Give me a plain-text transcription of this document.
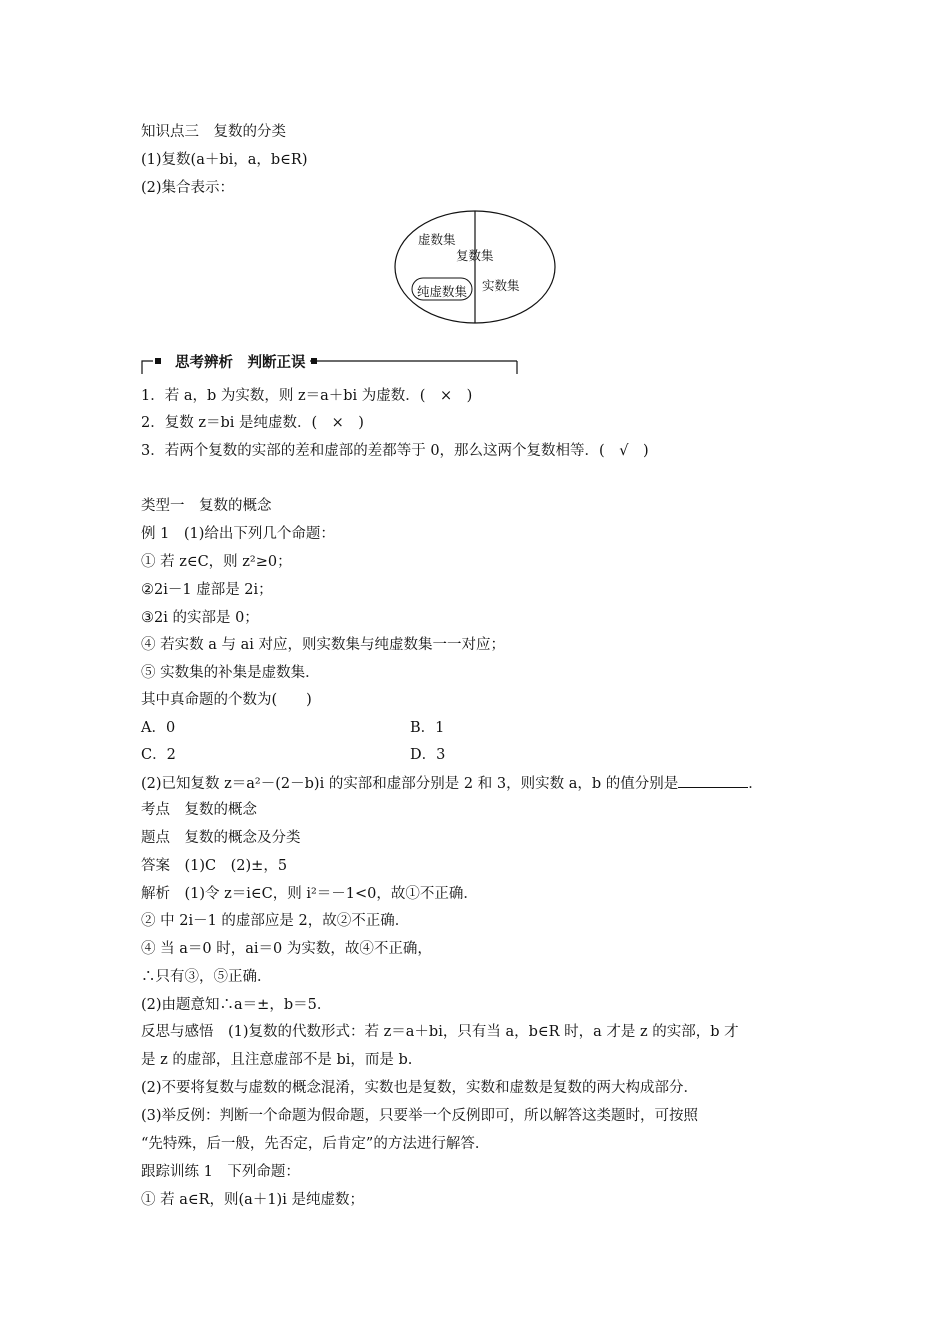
知识点三　复数的分类
(1)复数(a＋bi，a，b∈R)
(2)集合表示：
虚数集
复数集
纯虚数集 实数集
思考辨析　判断正误
1．若 a，b 为实数，则 z＝a＋bi 为虚数．(　×　)
2．复数 z＝bi 是纯虚数．(　×　)
3．若两个复数的实部的差和虚部的差都等于 0，那么这两个复数相等．(　√　)
类型一　复数的概念
例 1　(1)给出下列几个命题：
① 若 z∈C，则 z²≥0；
②2i－1 虚部是 2i；
③2i 的实部是 0；
④ 若实数 a 与 ai 对应，则实数集与纯虚数集一一对应；
⑤ 实数集的补集是虚数集．
其中真命题的个数为(　　)
A．0	B．1
C．2	D．3
(2)已知复数 z＝a²－(2－b)i 的实部和虚部分别是 2 和 3，则实数 a，b 的值分别是	．
考点　复数的概念
题点　复数的概念及分类
答案　(1)C　(2)±，5
解析　(1)令 z＝i∈C，则 i²＝－1<0，故①不正确．
② 中 2i－1 的虚部应是 2，故②不正确．
④ 当 a＝0 时，ai＝0 为实数，故④不正确，
∴只有③，⑤正确．
(2)由题意知∴a＝±，b＝5．
反思与感悟　(1)复数的代数形式：若 z＝a＋bi，只有当 a，b∈R 时，a 才是 z 的实部，b 才
是 z 的虚部，且注意虚部不是 bi，而是 b.
(2)不要将复数与虚数的概念混淆，实数也是复数，实数和虚数是复数的两大构成部分．
(3)举反例：判断一个命题为假命题，只要举一个反例即可，所以解答这类题时，可按照
“先特殊，后一般，先否定，后肯定”的方法进行解答．
跟踪训练 1　下列命题：
① 若 a∈R，则(a＋1)i 是纯虚数；
